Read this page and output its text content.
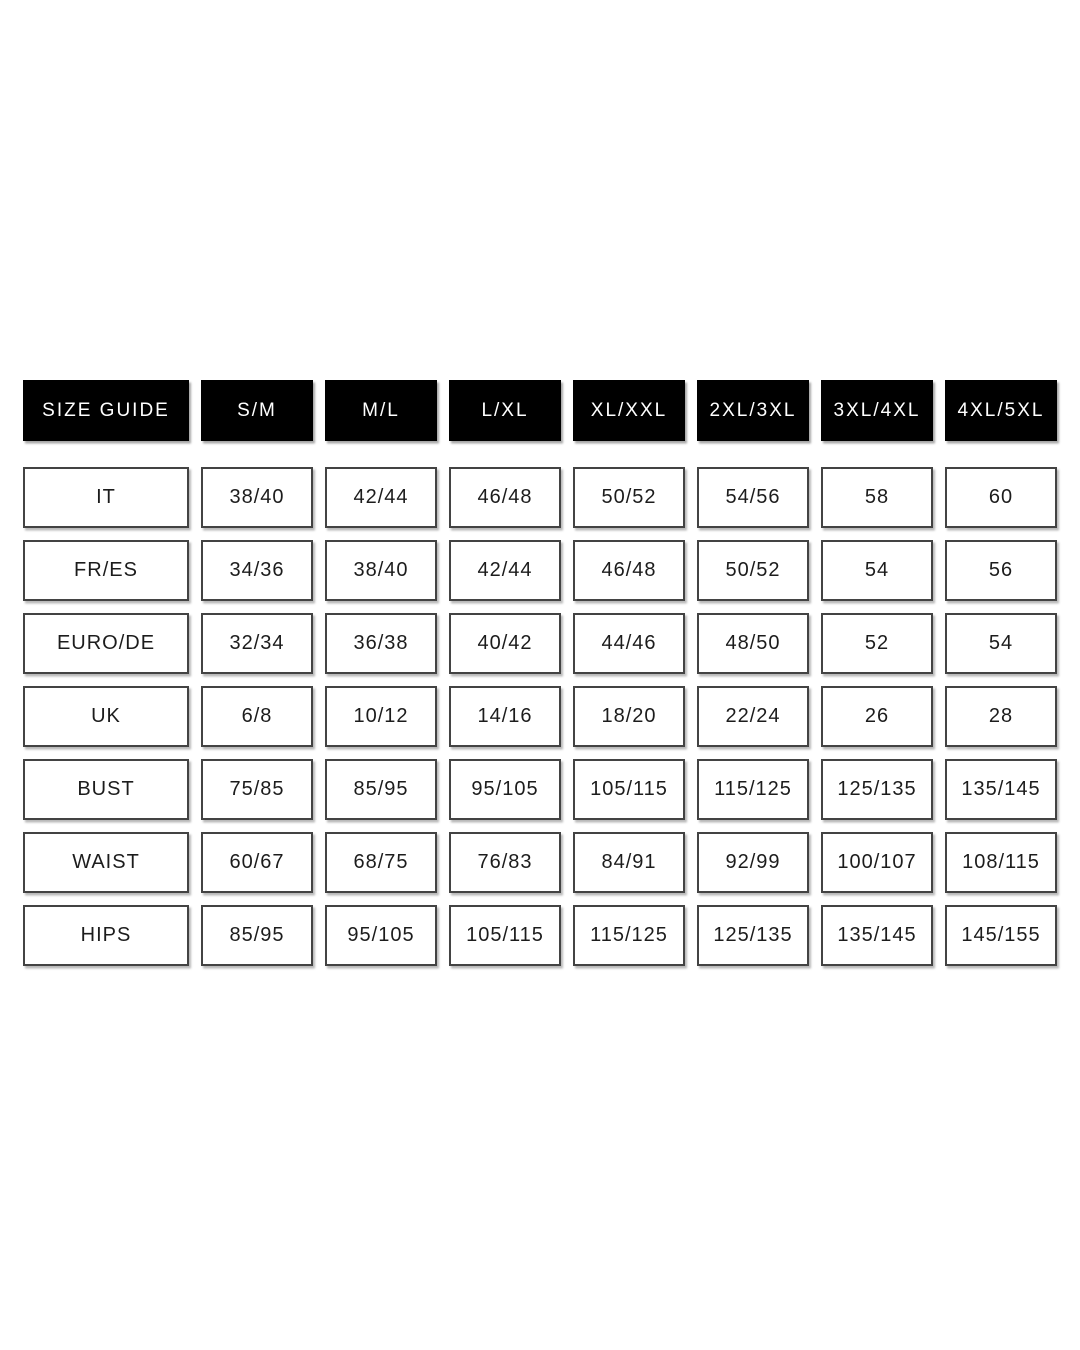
SIZE GUIDE	S/M	M/L	L/XL	XL/XXL	2XL/3XL	3XL/4XL	4XL/5XL
IT	38/40	42/44	46/48	50/52	54/56	58	60
FR/ES	34/36	38/40	42/44	46/48	50/52	54	56
EURO/DE	32/34	36/38	40/42	44/46	48/50	52	54
UK	6/8	10/12	14/16	18/20	22/24	26	28
BUST	75/85	85/95	95/105	105/115	115/125	125/135	135/145
WAIST	60/67	68/75	76/83	84/91	92/99	100/107	108/115
HIPS	85/95	95/105	105/115	115/125	125/135	135/145	145/155
